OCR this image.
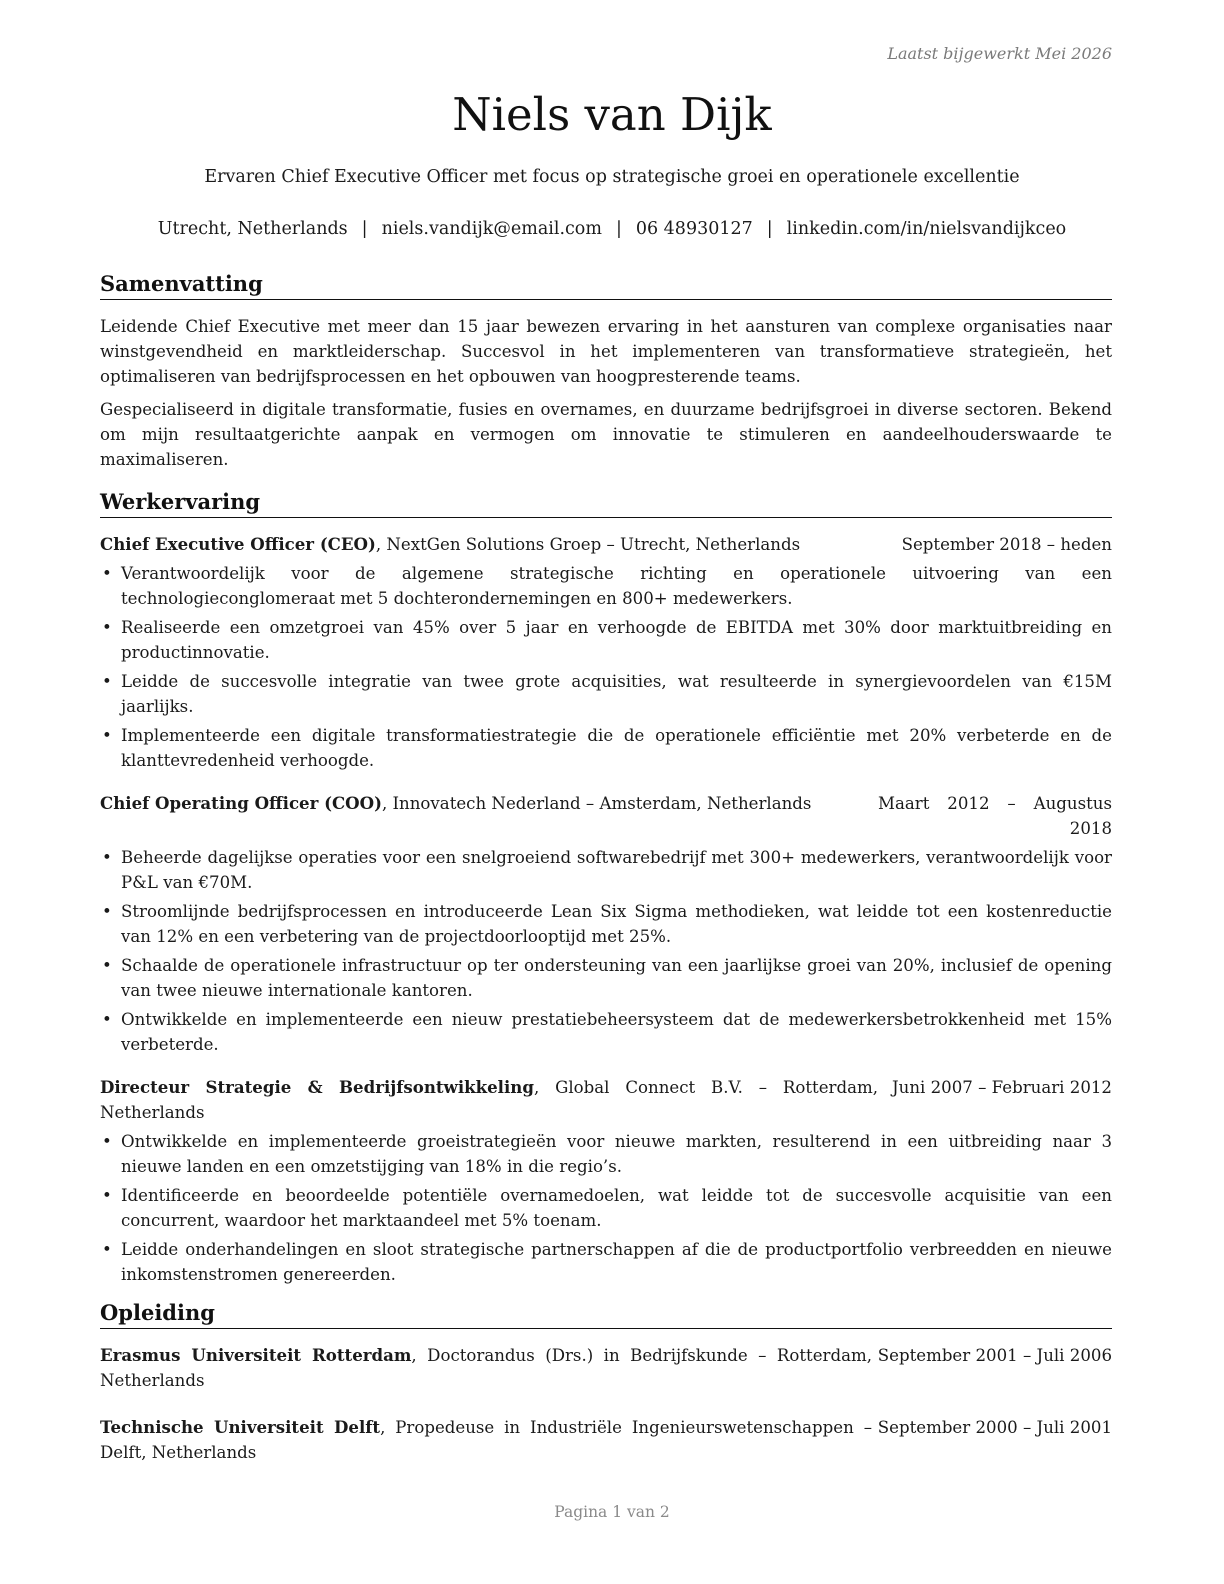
Laatst bijgewerkt Mei 2026
Niels van Dijk
Ervaren Chief Executive Officer met focus op strategische groei en operationele excellentie
Utrecht, Netherlands | niels.vandijk@email.com | 06 48930127 | linkedin.com/in/nielsvandijkceo
Samenvatting

Leidende Chief Executive met meer dan 15 jaar bewezen ervaring in het aansturen van complexe organisaties naar winstgevendheid en marktleiderschap. Succesvol in het implementeren van transformatieve strategieën, het optimaliseren van bedrijfsprocessen en het opbouwen van hoogpresterende teams.

Gespecialiseerd in digitale transformatie, fusies en overnames, en duurzame bedrijfsgroei in diverse sectoren. Bekend om mijn resultaatgerichte aanpak en vermogen om innovatie te stimuleren en aandeelhouderswaarde te maximaliseren.

Werkervaring
Chief Executive Officer (CEO), NextGen Solutions Groep – Utrecht, Netherlands	September 2018 – heden
• Verantwoordelijk voor de algemene strategische richting en operationele uitvoering van een technologieconglomeraat met 5 dochterondernemingen en 800+ medewerkers.
• Realiseerde een omzetgroei van 45% over 5 jaar en verhoogde de EBITDA met 30% door marktuitbreiding en productinnovatie.
• Leidde de succesvolle integratie van twee grote acquisities, wat resulteerde in synergievoordelen van €15M jaarlijks.
• Implementeerde een digitale transformatiestrategie die de operationele efficiëntie met 20% verbeterde en de klanttevredenheid verhoogde.
Chief Operating Officer (COO), Innovatech Nederland – Amsterdam, Netherlands	Maart 2012 – Augustus 2018
• Beheerde dagelijkse operaties voor een snelgroeiend softwarebedrijf met 300+ medewerkers, verantwoordelijk voor P&L van €70M.
• Stroomlijnde bedrijfsprocessen en introduceerde Lean Six Sigma methodieken, wat leidde tot een kostenreductie van 12% en een verbetering van de projectdoorlooptijd met 25%.
• Schaalde de operationele infrastructuur op ter ondersteuning van een jaarlijkse groei van 20%, inclusief de opening van twee nieuwe internationale kantoren.
• Ontwikkelde en implementeerde een nieuw prestatiebeheersysteem dat de medewerkersbetrokkenheid met 15% verbeterde.
Directeur Strategie & Bedrijfsontwikkeling, Global Connect B.V. – Rotterdam, Netherlands
Juni 2007 – Februari 2012
• Ontwikkelde en implementeerde groeistrategieën voor nieuwe markten, resulterend in een uitbreiding naar 3 nieuwe landen en een omzetstijging van 18% in die regio’s.
• Identificeerde en beoordeelde potentiële overnamedoelen, wat leidde tot de succesvolle acquisitie van een concurrent, waardoor het marktaandeel met 5% toenam.
• Leidde onderhandelingen en sloot strategische partnerschappen af die de productportfolio verbreedden en nieuwe inkomstenstromen genereerden.
Opleiding
Erasmus Universiteit Rotterdam, Doctorandus (Drs.) in Bedrijfskunde – Rotterdam, Netherlands
September 2001 – Juli 2006
Technische Universiteit Delft, Propedeuse in Industriële Ingenieurswetenschappen – Delft, Netherlands
September 2000 – Juli 2001
Pagina 1 van 2
